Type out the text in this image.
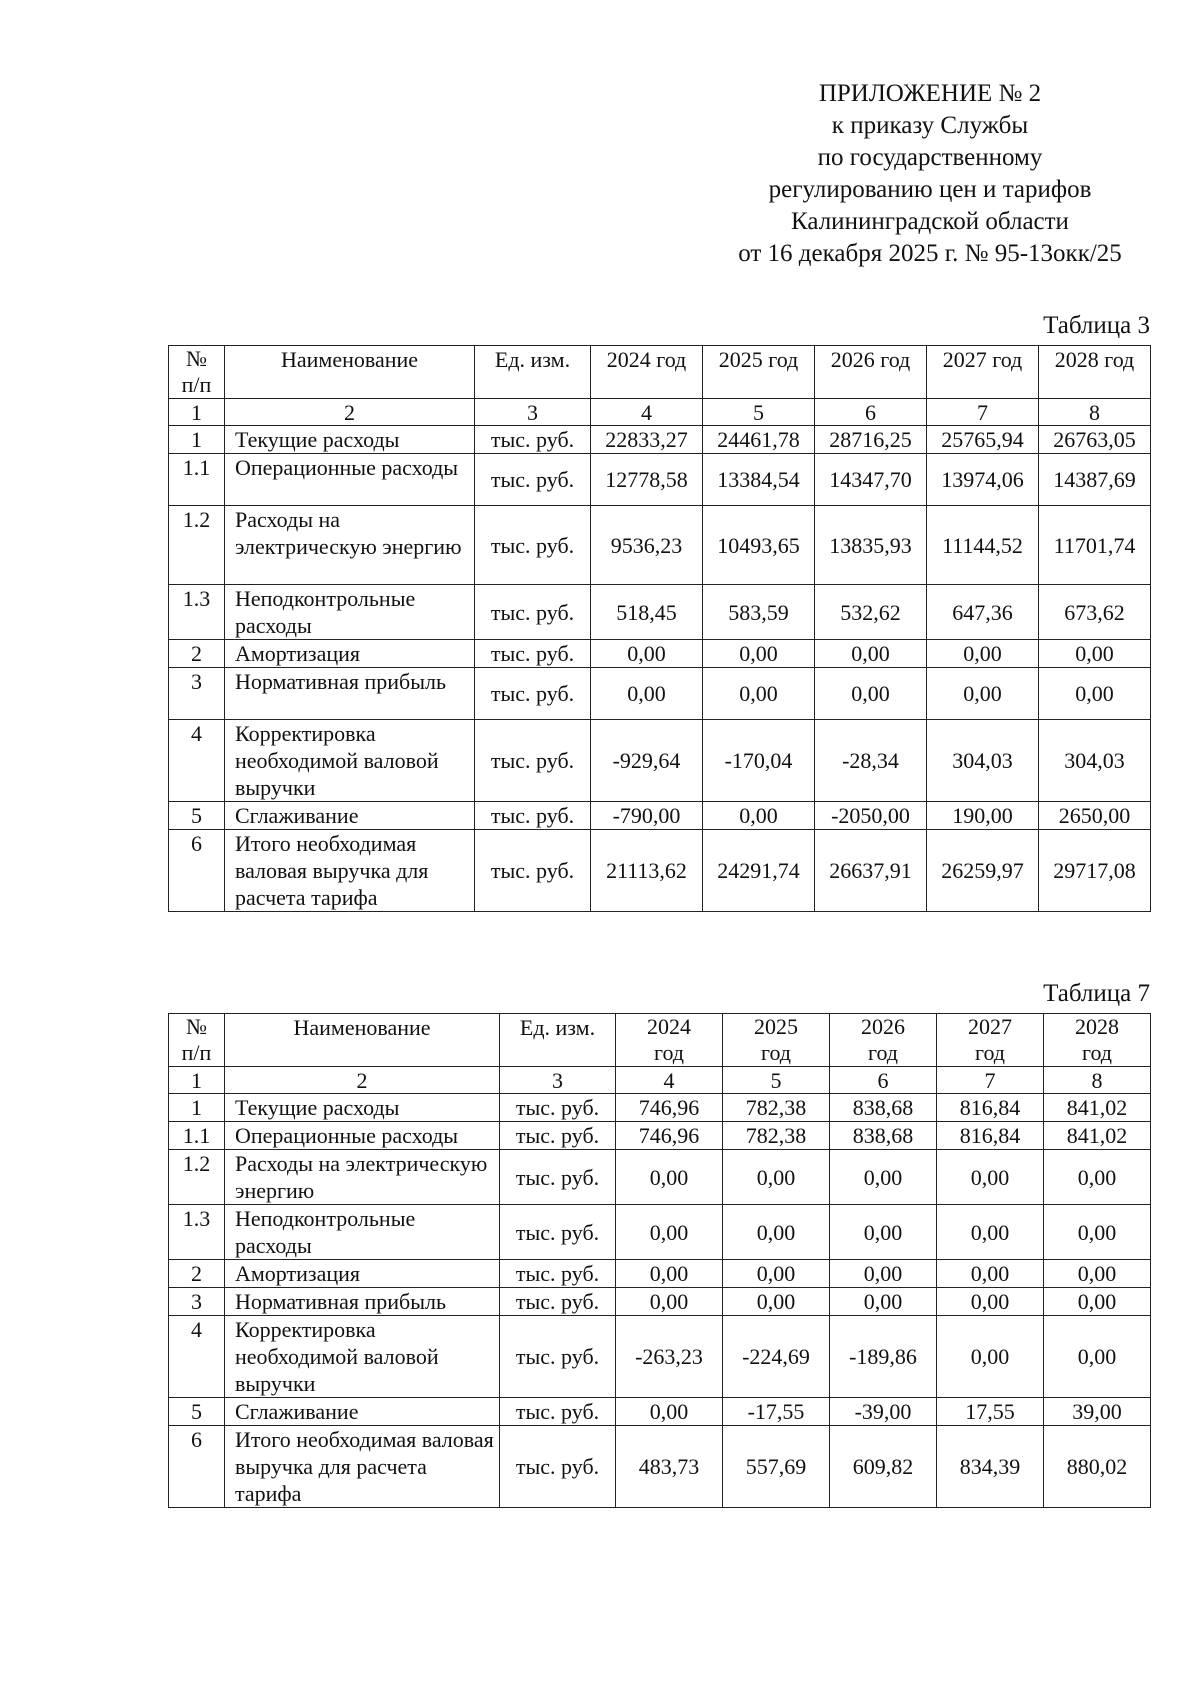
ПРИЛОЖЕНИЕ № 2
к приказу Службы
по государственному
регулированию цен и тарифов
Калининградской области
от 16 декабря 2025 г. № 95-13окк/25
Таблица 3
№ п/п	Наименование	Ед. изм.	2024 год	2025 год	2026 год	2027 год	2028 год
1	2	3	4	5	6	7	8
1	Текущие расходы	тыс. руб.	22833,27	24461,78	28716,25	25765,94	26763,05
1.1	Операционные расходы	тыс. руб.	12778,58	13384,54	14347,70	13974,06	14387,69
1.2	Расходы на электрическую энергию	тыс. руб.	9536,23	10493,65	13835,93	11144,52	11701,74
1.3	Неподконтрольные расходы	тыс. руб.	518,45	583,59	532,62	647,36	673,62
2	Амортизация	тыс. руб.	0,00	0,00	0,00	0,00	0,00
3	Нормативная прибыль	тыс. руб.	0,00	0,00	0,00	0,00	0,00
4	Корректировка необходимой валовой выручки	тыс. руб.	-929,64	-170,04	-28,34	304,03	304,03
5	Сглаживание	тыс. руб.	-790,00	0,00	-2050,00	190,00	2650,00
6	Итого необходимая валовая выручка для расчета тарифа	тыс. руб.	21113,62	24291,74	26637,91	26259,97	29717,08
Таблица 7
№ п/п	Наименование	Ед. изм.	2024 год	2025 год	2026 год	2027 год	2028 год
1	2	3	4	5	6	7	8
1	Текущие расходы	тыс. руб.	746,96	782,38	838,68	816,84	841,02
1.1	Операционные расходы	тыс. руб.	746,96	782,38	838,68	816,84	841,02
1.2	Расходы на электрическую энергию	тыс. руб.	0,00	0,00	0,00	0,00	0,00
1.3	Неподконтрольные расходы	тыс. руб.	0,00	0,00	0,00	0,00	0,00
2	Амортизация	тыс. руб.	0,00	0,00	0,00	0,00	0,00
3	Нормативная прибыль	тыс. руб.	0,00	0,00	0,00	0,00	0,00
4	Корректировка необходимой валовой выручки	тыс. руб.	-263,23	-224,69	-189,86	0,00	0,00
5	Сглаживание	тыс. руб.	0,00	-17,55	-39,00	17,55	39,00
6	Итого необходимая валовая выручка для расчета тарифа	тыс. руб.	483,73	557,69	609,82	834,39	880,02
